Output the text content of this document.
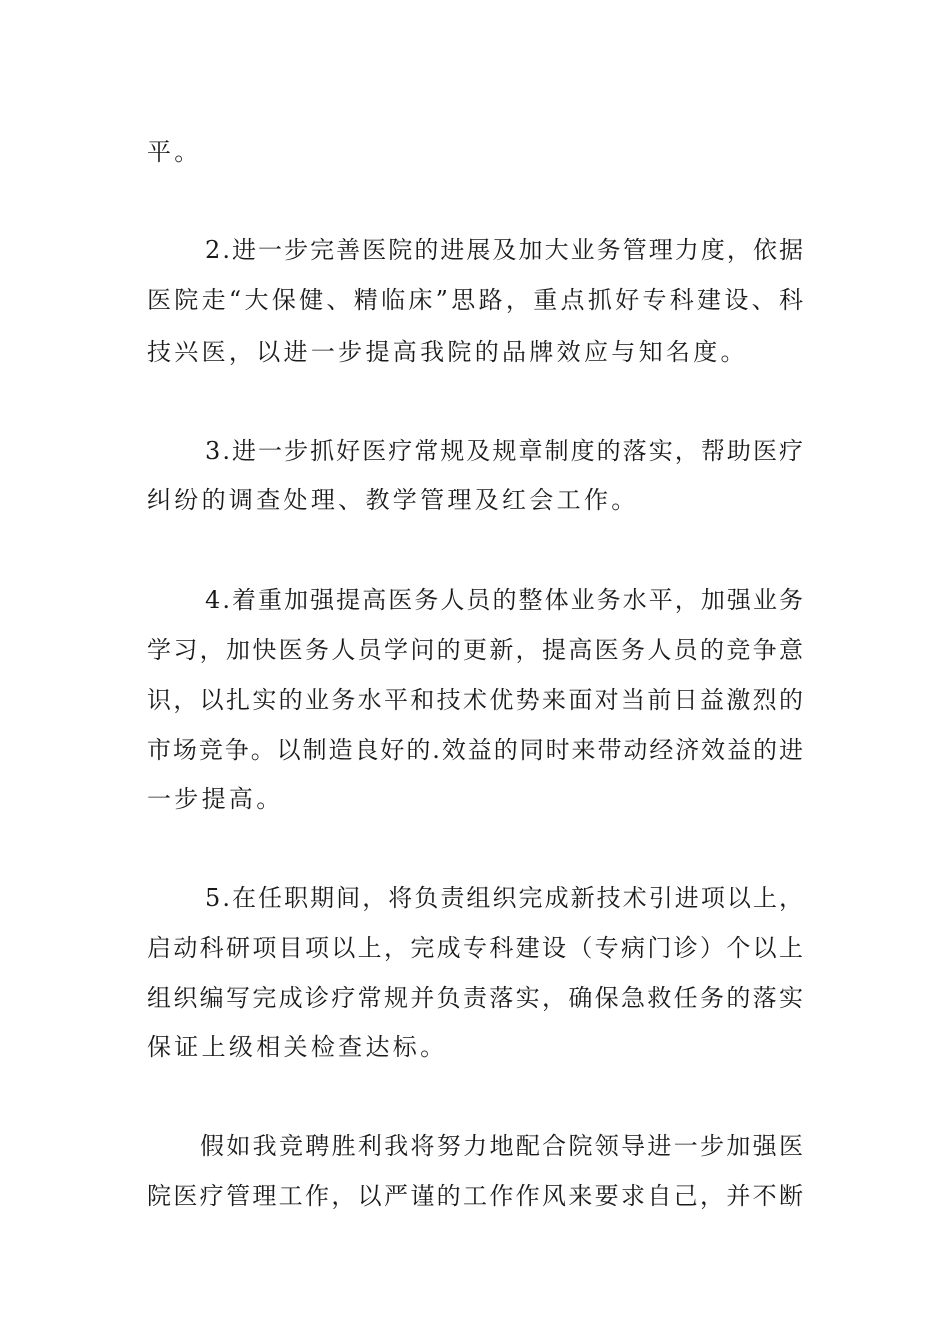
平。
2.进一步完善医院的进展及加大业务管理力度，依据
医院走“大保健、精临床”思路，重点抓好专科建设、科
技兴医，以进一步提高我院的品牌效应与知名度。
3.进一步抓好医疗常规及规章制度的落实，帮助医疗
纠纷的调查处理、教学管理及红会工作。
4.着重加强提高医务人员的整体业务水平，加强业务
学习，加快医务人员学问的更新，提高医务人员的竞争意
识，以扎实的业务水平和技术优势来面对当前日益激烈的
市场竞争。以制造良好的.效益的同时来带动经济效益的进
一步提高。
5.在任职期间，将负责组织完成新技术引进项以上，
启动科研项目项以上，完成专科建设（专病门诊）个以上
组织编写完成诊疗常规并负责落实，确保急救任务的落实
保证上级相关检查达标。
假如我竞聘胜利我将努力地配合院领导进一步加强医
院医疗管理工作，以严谨的工作作风来要求自己，并不断
